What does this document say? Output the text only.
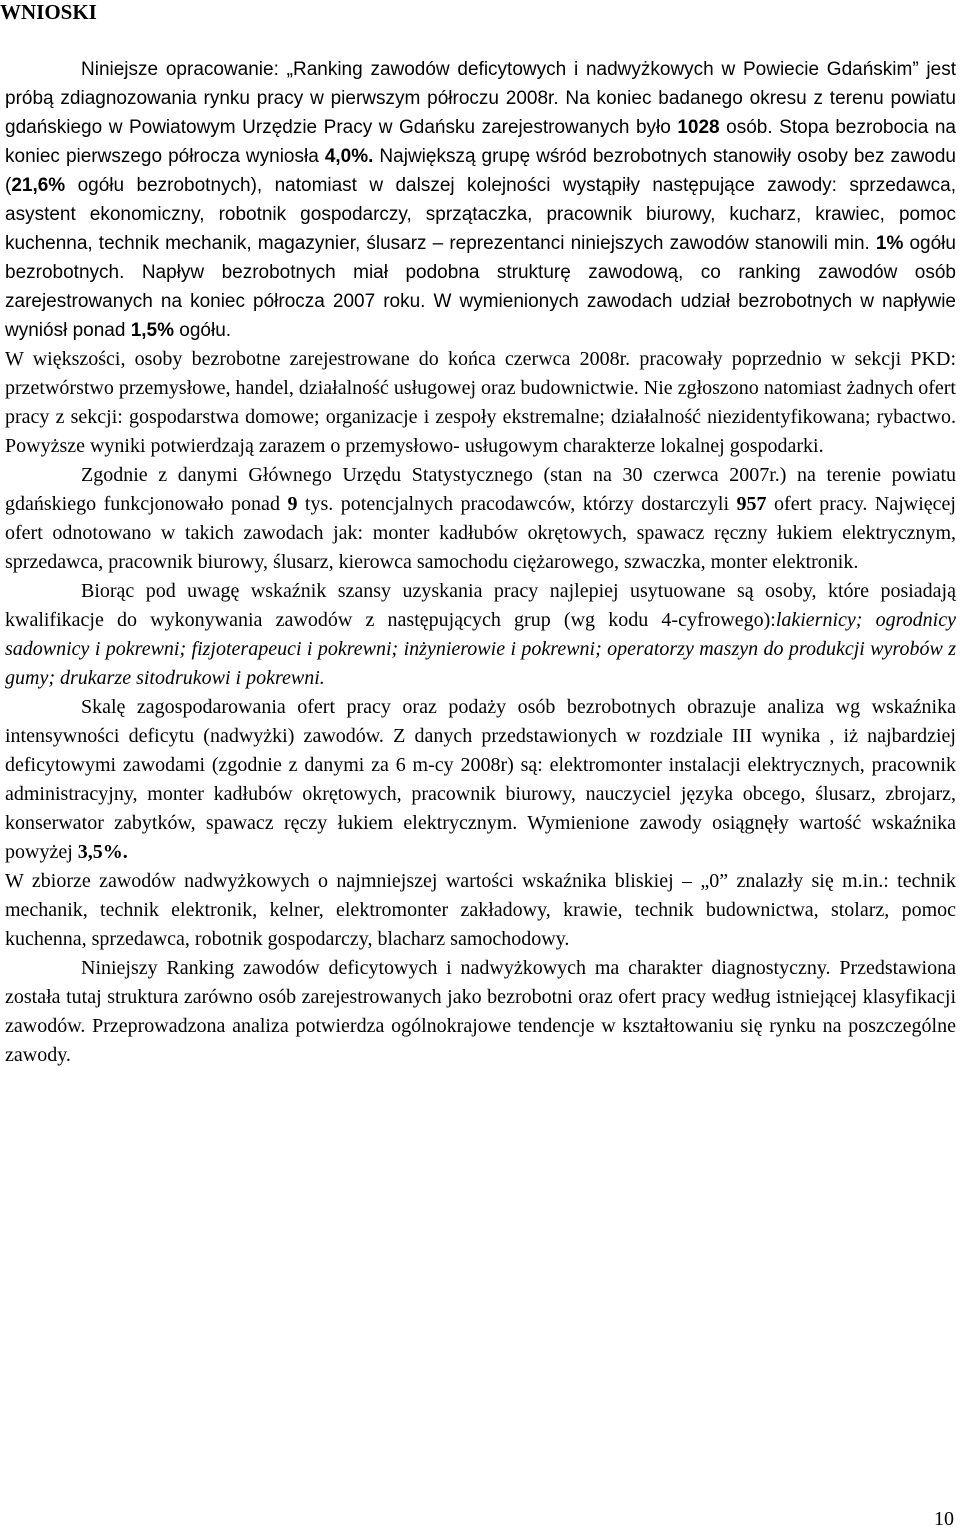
WNIOSKI

Niniejsze opracowanie: „Ranking zawodów deficytowych i nadwyżkowych w Powiecie Gdańskim” jest próbą zdiagnozowania rynku pracy w pierwszym półroczu 2008r. Na koniec badanego okresu z terenu powiatu gdańskiego w Powiatowym Urzędzie Pracy w Gdańsku zarejestrowanych było 1028 osób. Stopa bezrobocia na koniec pierwszego półrocza wyniosła 4,0%. Największą grupę wśród bezrobotnych stanowiły osoby bez zawodu (21,6% ogółu bezrobotnych), natomiast w dalszej kolejności wystąpiły następujące zawody: sprzedawca, asystent ekonomiczny, robotnik gospodarczy, sprzątaczka, pracownik biurowy, kucharz, krawiec, pomoc kuchenna, technik mechanik, magazynier, ślusarz – reprezentanci niniejszych zawodów stanowili min. 1% ogółu bezrobotnych. Napływ bezrobotnych miał podobna strukturę zawodową, co ranking zawodów osób zarejestrowanych na koniec półrocza 2007 roku. W wymienionych zawodach udział bezrobotnych w napływie wyniósł ponad 1,5% ogółu.

W większości, osoby bezrobotne zarejestrowane do końca czerwca 2008r. pracowały poprzednio w sekcji PKD: przetwórstwo przemysłowe, handel, działalność usługowej oraz budownictwie. Nie zgłoszono natomiast żadnych ofert pracy z sekcji: gospodarstwa domowe; organizacje i zespoły ekstremalne; działalność niezidentyfikowana; rybactwo. Powyższe wyniki potwierdzają zarazem o przemysłowo- usługowym charakterze lokalnej gospodarki.

Zgodnie z danymi Głównego Urzędu Statystycznego (stan na 30 czerwca 2007r.) na terenie powiatu gdańskiego funkcjonowało ponad 9 tys. potencjalnych pracodawców, którzy dostarczyli 957 ofert pracy. Najwięcej ofert odnotowano w takich zawodach jak: monter kadłubów okrętowych, spawacz ręczny łukiem elektrycznym, sprzedawca, pracownik biurowy, ślusarz, kierowca samochodu ciężarowego, szwaczka, monter elektronik.

Biorąc pod uwagę wskaźnik szansy uzyskania pracy najlepiej usytuowane są osoby, które posiadają kwalifikacje do wykonywania zawodów z następujących grup (wg kodu 4-cyfrowego):lakiernicy; ogrodnicy sadownicy i pokrewni; fizjoterapeuci i pokrewni; inżynierowie i pokrewni; operatorzy maszyn do produkcji wyrobów z gumy; drukarze sitodrukowi i pokrewni.

Skalę zagospodarowania ofert pracy oraz podaży osób bezrobotnych obrazuje analiza wg wskaźnika intensywności deficytu (nadwyżki) zawodów. Z danych przedstawionych w rozdziale III wynika , iż najbardziej deficytowymi zawodami (zgodnie z danymi za 6 m-cy 2008r) są: elektromonter instalacji elektrycznych, pracownik administracyjny, monter kadłubów okrętowych, pracownik biurowy, nauczyciel języka obcego, ślusarz, zbrojarz, konserwator zabytków, spawacz ręczy łukiem elektrycznym. Wymienione zawody osiągnęły wartość wskaźnika powyżej 3,5%.

W zbiorze zawodów nadwyżkowych o najmniejszej wartości wskaźnika bliskiej – „0” znalazły się m.in.: technik mechanik, technik elektronik, kelner, elektromonter zakładowy, krawie, technik budownictwa, stolarz, pomoc kuchenna, sprzedawca, robotnik gospodarczy, blacharz samochodowy.

Niniejszy Ranking zawodów deficytowych i nadwyżkowych ma charakter diagnostyczny. Przedstawiona została tutaj struktura zarówno osób zarejestrowanych jako bezrobotni oraz ofert pracy według istniejącej klasyfikacji zawodów. Przeprowadzona analiza potwierdza ogólnokrajowe tendencje w kształtowaniu się rynku na poszczególne zawody.

10
